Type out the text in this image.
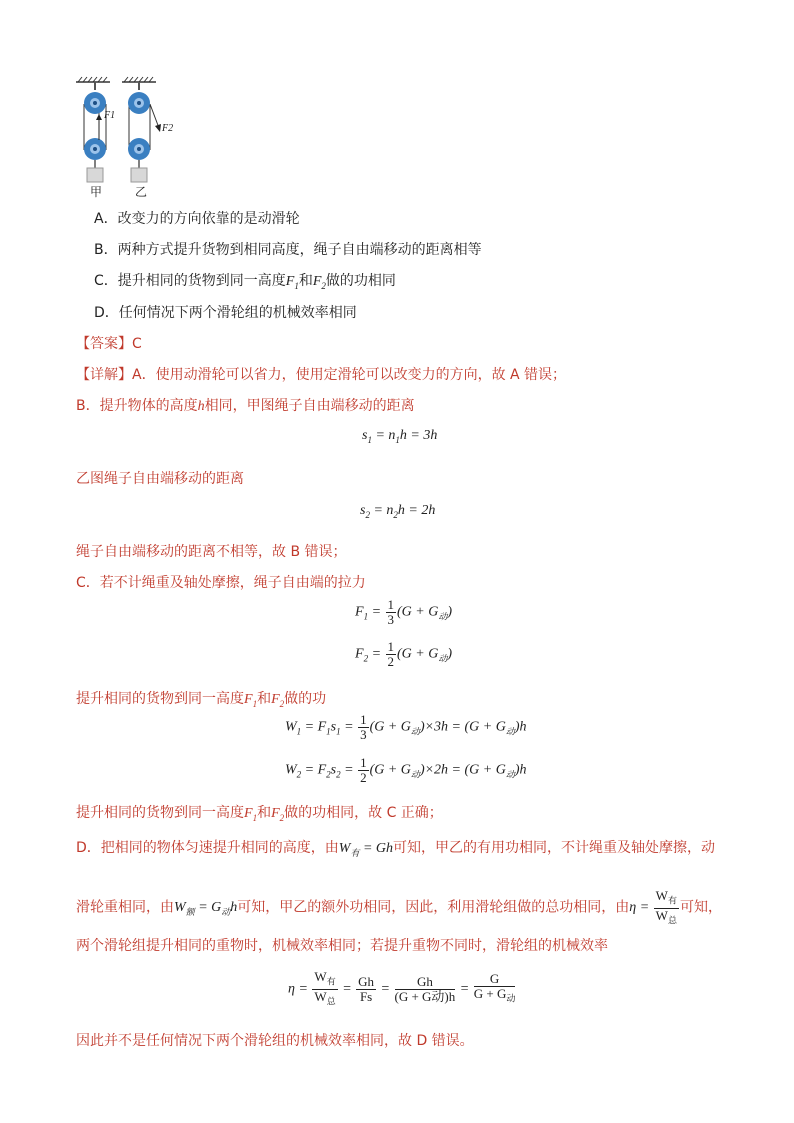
F1
F2
甲	乙
A．改变力的方向依靠的是动滑轮
B．两种方式提升货物到相同高度，绳子自由端移动的距离相等
C．提升相同的货物到同一高度$F_1$和$F_2$做的功相同
D．任何情况下两个滑轮组的机械效率相同
【答案】C
【详解】A．使用动滑轮可以省力，使用定滑轮可以改变力的方向，故 A 错误；
B．提升物体的高度h相同，甲图绳子自由端移动的距离
$s_1 = n_1h = 3h$
乙图绳子自由端移动的距离
$s_2 = n_2h = 2h$
绳子自由端移动的距离不相等，故 B 错误；
C．若不计绳重及轴处摩擦，绳子自由端的拉力
$F_1 = \frac{1}{3} (G + G_动)$
$F_2 = \frac{1}{2} (G + G_动)$
提升相同的货物到同一高度$F_1$和$F_2$做的功
$W_1 = F_1s_1 = \frac{1}{3} (G + G_动)\times 3h = (G + G_动)h$
$W_2 = F_2s_2 = \frac{1}{2} (G + G_动)\times 2h = (G + G_动)h$
提升相同的货物到同一高度$F_1$和$F_2$做的功相同，故 C 正确；
D．把相同的物体匀速提升相同的高度，由$W_有 = Gh$可知，甲乙的有用功相同，不计绳重及轴处摩擦，动
滑轮重相同，由$W_额 = G_动h$可知，甲乙的额外功相同，因此，利用滑轮组做的总功相同，由$\eta = \frac{W_有}{W_总}$ 可知，
两个滑轮组提升相同的重物时，机械效率相同；若提升重物不同时，滑轮组的机械效率
$\eta = \frac{W_有}{W_总} = \frac{Gh}{Fs} = \frac{Gh}{\text{(G + G动)h}} = \frac{G}{G + G_动}$
因此并不是任何情况下两个滑轮组的机械效率相同，故 D 错误。
